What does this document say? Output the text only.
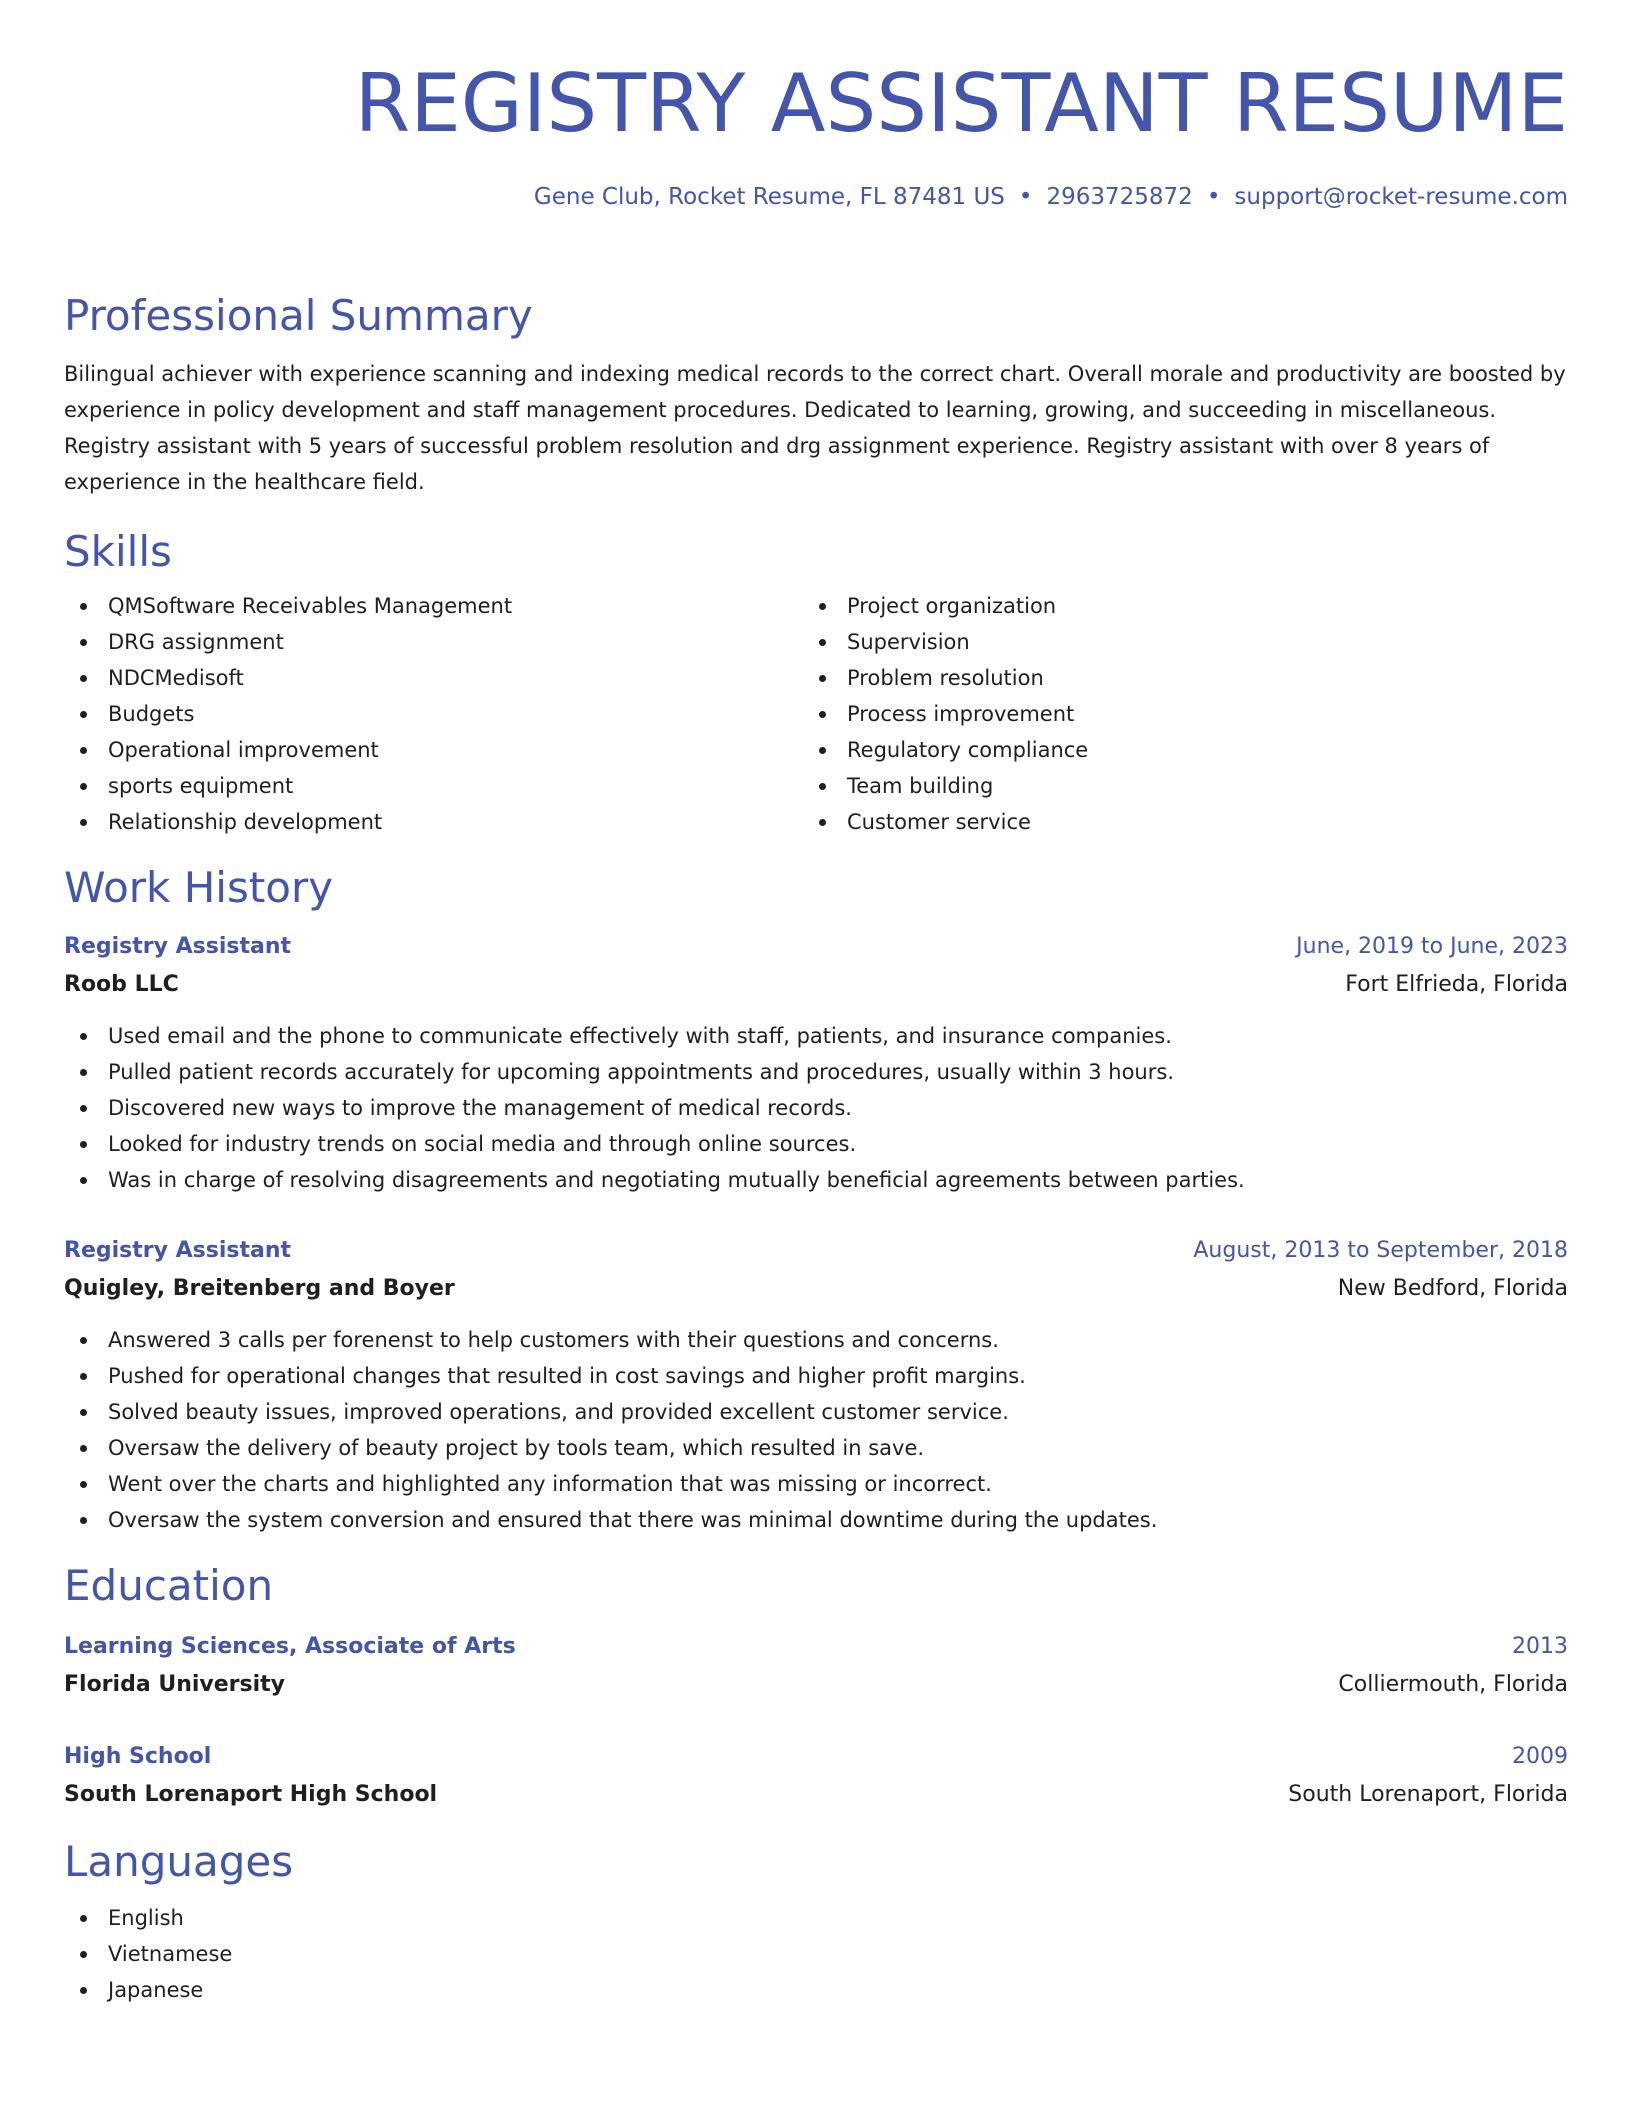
REGISTRY ASSISTANT RESUME
Gene Club, Rocket Resume, FL 87481 US • 2963725872 • support@rocket-resume.com
Professional Summary

Bilingual achiever with experience scanning and indexing medical records to the correct chart. Overall morale and productivity are boosted by experience in policy development and staff management procedures. Dedicated to learning, growing, and succeeding in miscellaneous. Registry assistant with 5 years of successful problem resolution and drg assignment experience. Registry assistant with over 8 years of experience in the healthcare field.

Skills
QMSoftware Receivables Management
DRG assignment
NDCMedisoft
Budgets
Operational improvement
sports equipment
Relationship development
Project organization
Supervision
Problem resolution
Process improvement
Regulatory compliance
Team building
Customer service
Work History
Registry Assistant	June, 2019 to June, 2023
Roob LLC	Fort Elfrieda, Florida
Used email and the phone to communicate effectively with staff, patients, and insurance companies.
Pulled patient records accurately for upcoming appointments and procedures, usually within 3 hours.
Discovered new ways to improve the management of medical records.
Looked for industry trends on social media and through online sources.
Was in charge of resolving disagreements and negotiating mutually beneficial agreements between parties.
Registry Assistant	August, 2013 to September, 2018
Quigley, Breitenberg and Boyer	New Bedford, Florida
Answered 3 calls per forenenst to help customers with their questions and concerns.
Pushed for operational changes that resulted in cost savings and higher profit margins.
Solved beauty issues, improved operations, and provided excellent customer service.
Oversaw the delivery of beauty project by tools team, which resulted in save.
Went over the charts and highlighted any information that was missing or incorrect.
Oversaw the system conversion and ensured that there was minimal downtime during the updates.
Education
Learning Sciences, Associate of Arts	2013
Florida University	Colliermouth, Florida
High School	2009
South Lorenaport High School	South Lorenaport, Florida
Languages
English
Vietnamese
Japanese
